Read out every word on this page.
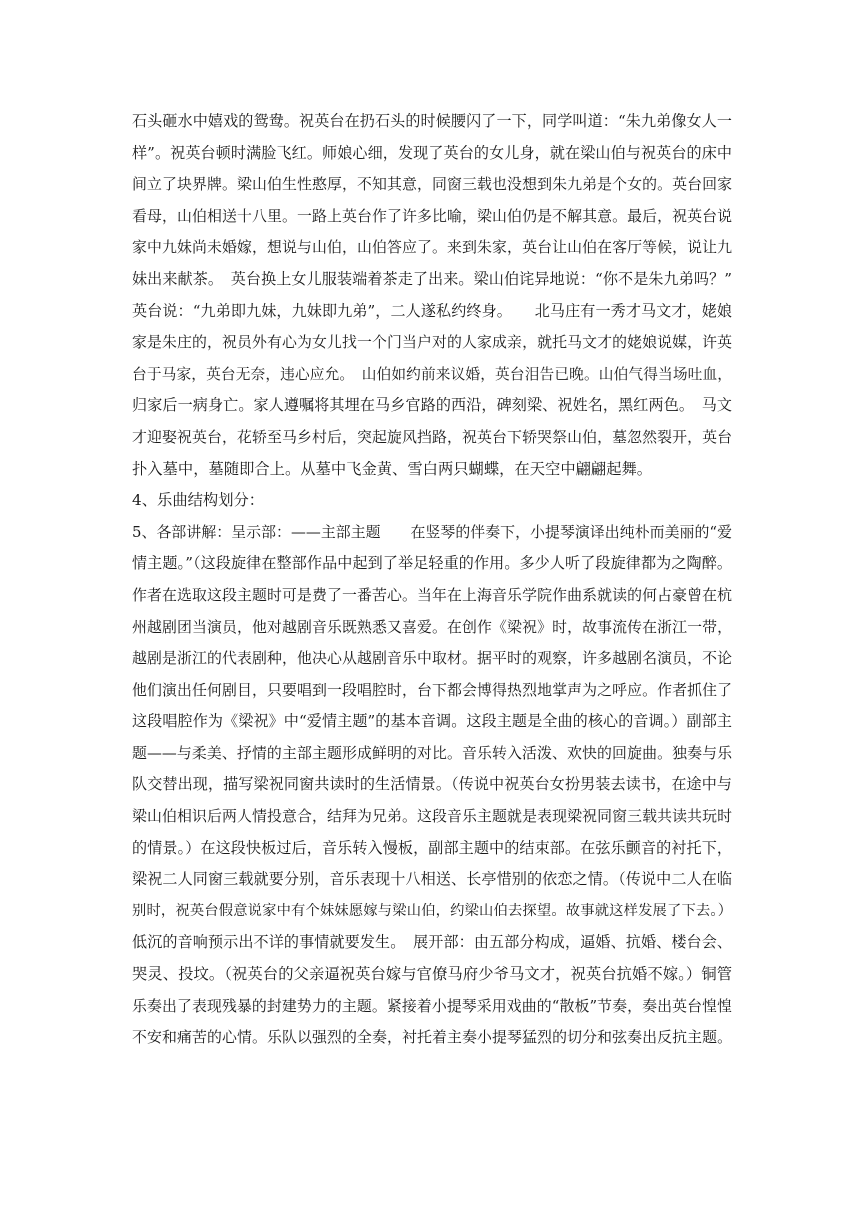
石头砸水中嬉戏的鸳鸯。祝英台在扔石头的时候腰闪了一下，同学叫道：“朱九弟像女人一
样”。祝英台顿时满脸飞红。师娘心细，发现了英台的女儿身，就在梁山伯与祝英台的床中
间立了块界牌。梁山伯生性憨厚，不知其意，同窗三载也没想到朱九弟是个女的。英台回家
看母，山伯相送十八里。一路上英台作了许多比喻，梁山伯仍是不解其意。最后，祝英台说
家中九妹尚未婚嫁，想说与山伯，山伯答应了。来到朱家，英台让山伯在客厅等候，说让九
妹出来献茶。　英台换上女儿服装端着茶走了出来。梁山伯诧异地说：“你不是朱九弟吗？”
英台说：“九弟即九妹，九妹即九弟”，二人遂私约终身。　　北马庄有一秀才马文才，姥娘
家是朱庄的，祝员外有心为女儿找一个门当户对的人家成亲，就托马文才的姥娘说媒，许英
台于马家，英台无奈，违心应允。　山伯如约前来议婚，英台泪告已晚。山伯气得当场吐血，
归家后一病身亡。家人遵嘱将其埋在马乡官路的西沿，碑刻梁、祝姓名，黑红两色。　马文
才迎娶祝英台，花轿至马乡村后，突起旋风挡路，祝英台下轿哭祭山伯，墓忽然裂开，英台
扑入墓中，墓随即合上。从墓中飞金黄、雪白两只蝴蝶，在天空中翩翩起舞。
4、乐曲结构划分：
5、各部讲解：呈示部：——主部主题　　在竖琴的伴奏下，小提琴演译出纯朴而美丽的“爱
情主题。”（这段旋律在整部作品中起到了举足轻重的作用。多少人听了段旋律都为之陶醉。
作者在选取这段主题时可是费了一番苦心。当年在上海音乐学院作曲系就读的何占豪曾在杭
州越剧团当演员，他对越剧音乐既熟悉又喜爱。在创作《梁祝》时，故事流传在浙江一带，
越剧是浙江的代表剧种，他决心从越剧音乐中取材。据平时的观察，许多越剧名演员，不论
他们演出任何剧目，只要唱到一段唱腔时，台下都会博得热烈地掌声为之呼应。作者抓住了
这段唱腔作为《梁祝》中“爱情主题”的基本音调。这段主题是全曲的核心的音调。）副部主
题——与柔美、抒情的主部主题形成鲜明的对比。音乐转入活泼、欢快的回旋曲。独奏与乐
队交替出现，描写梁祝同窗共读时的生活情景。（传说中祝英台女扮男装去读书，在途中与
梁山伯相识后两人情投意合，结拜为兄弟。这段音乐主题就是表现梁祝同窗三载共读共玩时
的情景。）在这段快板过后，音乐转入慢板，副部主题中的结束部。在弦乐颤音的衬托下，
梁祝二人同窗三载就要分别，音乐表现十八相送、长亭惜别的依恋之情。（传说中二人在临
别时，祝英台假意说家中有个妹妹愿嫁与梁山伯，约梁山伯去探望。故事就这样发展了下去。）
低沉的音响预示出不详的事情就要发生。　展开部：由五部分构成，逼婚、抗婚、楼台会、
哭灵、投坟。（祝英台的父亲逼祝英台嫁与官僚马府少爷马文才，祝英台抗婚不嫁。）铜管
乐奏出了表现残暴的封建势力的主题。紧接着小提琴采用戏曲的“散板”节奏，奏出英台惶惶
不安和痛苦的心情。乐队以强烈的全奏，衬托着主奏小提琴猛烈的切分和弦奏出反抗主题。
